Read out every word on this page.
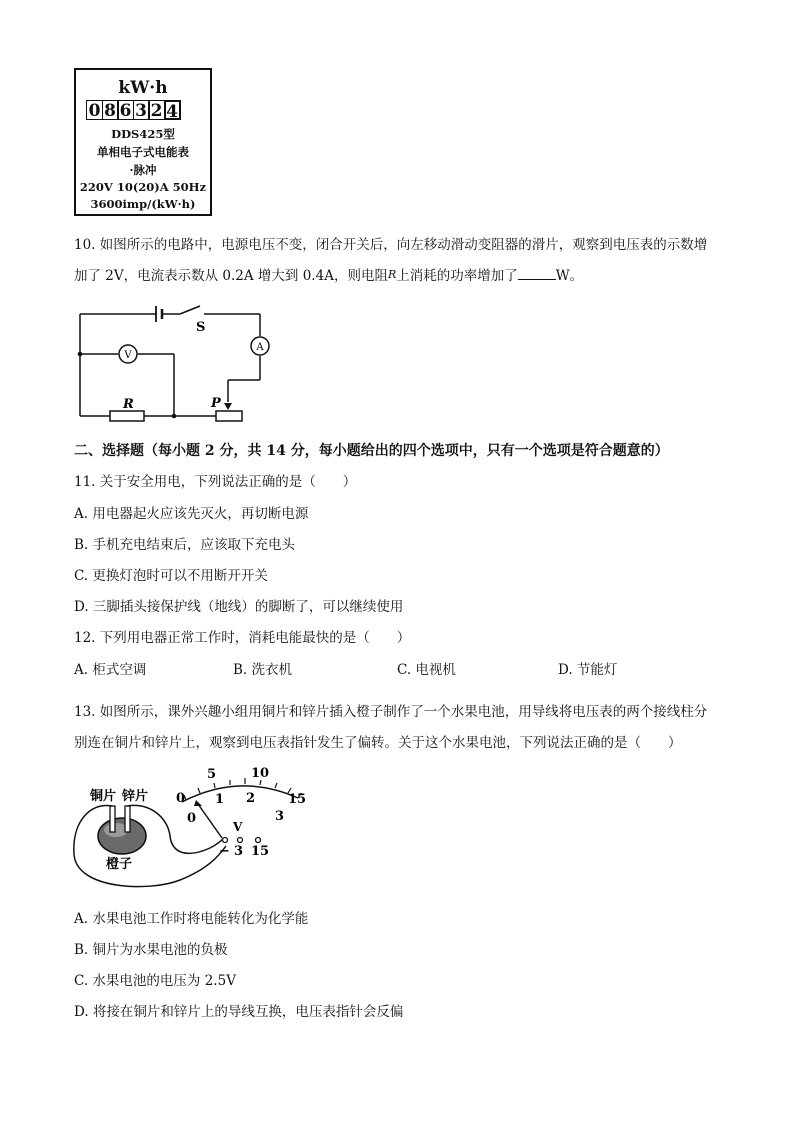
kW·h
0 8 6 3 2 4
DDS425型
单相电子式电能表
·脉冲
220V 10(20)A 50Hz
3600imp/(kW·h)
10. 如图所示的电路中，电源电压不变，闭合开关后，向左移动滑动变阻器的滑片，观察到电压表的示数增
加了 2V，电流表示数从 0.2A 增大到 0.4A，则电阻R上消耗的功率增加了	W。
S
V
A
R	P
二、选择题（每小题 2 分，共 14 分，每小题给出的四个选项中，只有一个选项是符合题意的）
11. 关于安全用电，下列说法正确的是（　　）
A. 用电器起火应该先灭火，再切断电源
B. 手机充电结束后，应该取下充电头
C. 更换灯泡时可以不用断开开关
D. 三脚插头接保护线（地线）的脚断了，可以继续使用
12. 下列用电器正常工作时，消耗电能最快的是（　　）
A. 柜式空调	B. 洗衣机	C. 电视机	D. 节能灯
13. 如图所示，课外兴趣小组用铜片和锌片插入橙子制作了一个水果电池，用导线将电压表的两个接线柱分
别连在铜片和锌片上，观察到电压表指针发生了偏转。关于这个水果电池，下列说法正确的是（　　）
0
5	10
15
0
1 2
3
V
− 3 15
铜片 锌片
橙子
A. 水果电池工作时将电能转化为化学能
B. 铜片为水果电池的负极
C. 水果电池的电压为 2.5V
D. 将接在铜片和锌片上的导线互换，电压表指针会反偏
